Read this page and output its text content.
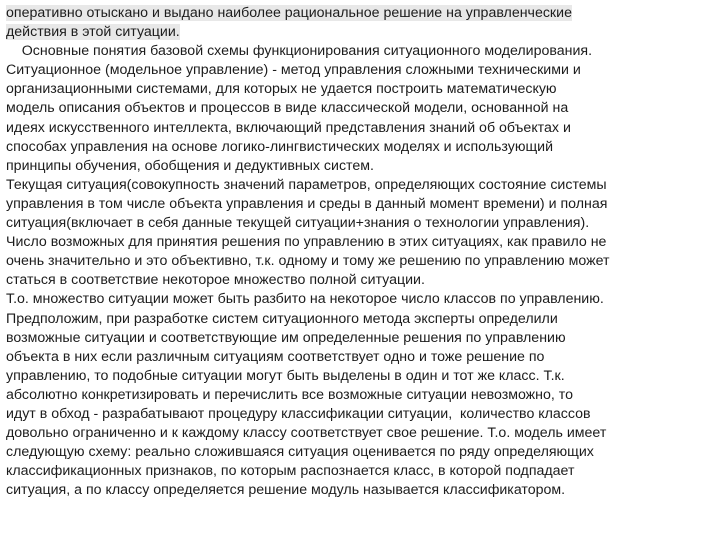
оперативно отыскано и выдано наиболее рациональное решение на управленческие
действия в этой ситуации.
Основные понятия базовой схемы функционирования ситуационного моделирования.
Ситуационное (модельное управление) - метод управления сложными техническими и
организационными системами, для которых не удается построить математическую
модель описания объектов и процессов в виде классической модели, основанной на
идеях искусственного интеллекта, включающий представления знаний об объектах и
способах управления на основе логико-лингвистических моделях и использующий
принципы обучения, обобщения и дедуктивных систем.
Текущая ситуация(совокупность значений параметров, определяющих состояние системы
управления в том числе объекта управления и среды в данный момент времени) и полная
ситуация(включает в себя данные текущей ситуации+знания о технологии управления).
Число возможных для принятия решения по управлению в этих ситуациях, как правило не
очень значительно и это объективно, т.к. одному и тому же решению по управлению может
статься в соответствие некоторое множество полной ситуации.
Т.о. множество ситуации может быть разбито на некоторое число классов по управлению.
Предположим, при разработке систем ситуационного метода эксперты определили
возможные ситуации и соответствующие им определенные решения по управлению
объекта в них если различным ситуациям соответствует одно и тоже решение по
управлению, то подобные ситуации могут быть выделены в один и тот же класс. Т.к.
абсолютно конкретизировать и перечислить все возможные ситуации невозможно, то
идут в обход - разрабатывают процедуру классификации ситуации,  количество классов
довольно ограниченно и к каждому классу соответствует свое решение. Т.о. модель имеет
следующую схему: реально сложившаяся ситуация оценивается по ряду определяющих
классификационных признаков, по которым распознается класс, в которой подпадает
ситуация, а по классу определяется решение модуль называется классификатором.
